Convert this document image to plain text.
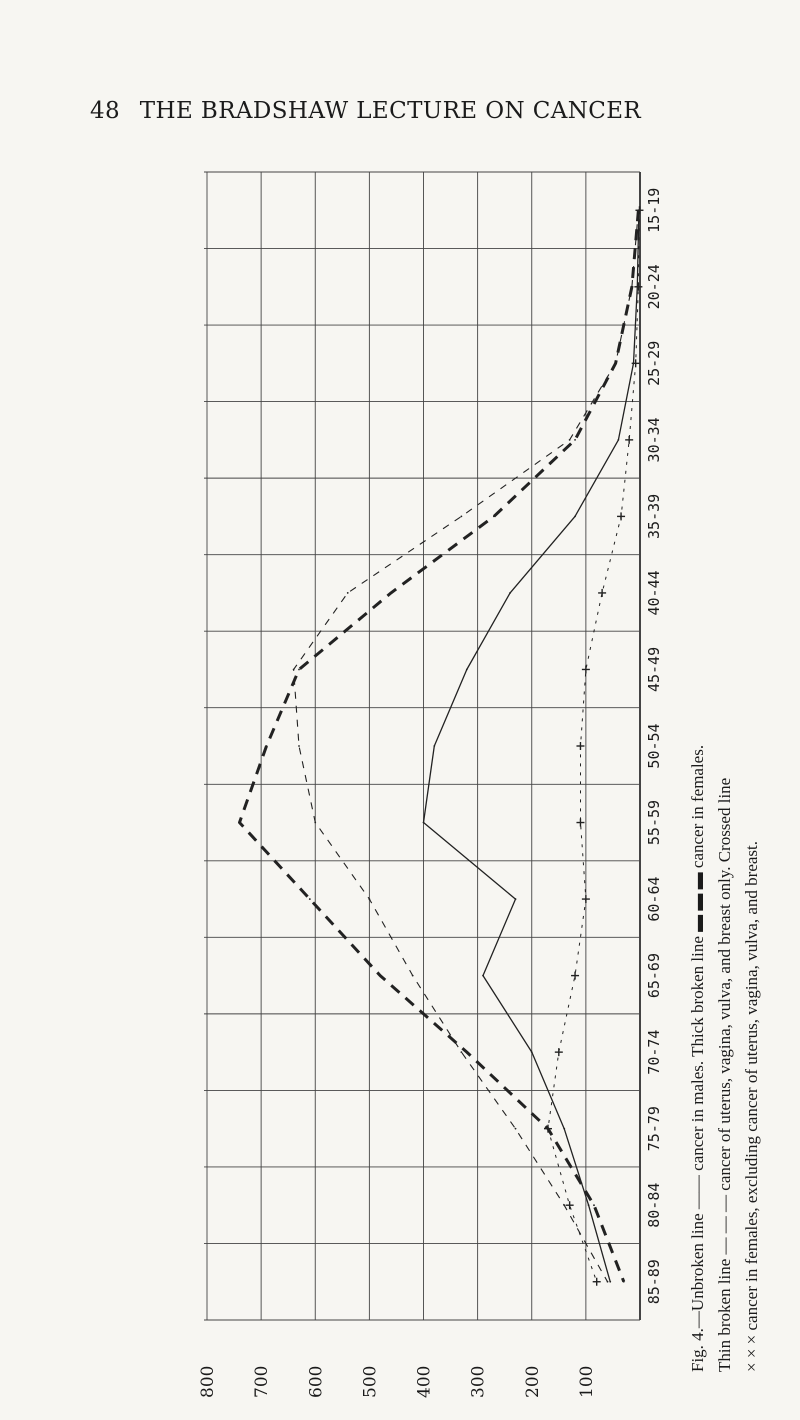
48 THE BRADSHAW LECTURE ON CANCER
100
200
300
400
500
600
700
800
15-19
20-24
25-29
30-34
35-39
40-44
45-49
50-54
55-59
60-64
65-69
70-74
75-79
80-84
85-89 Fig. 4.—Unbroken line ―― cancer in males. Thick broken line ▬ ▬ ▬ cancer in females. Thin broken line — — — cancer of uterus, vagina, vulva, and breast only. Crossed line × × × cancer in females, excluding cancer of uterus, vagina, vulva, and breast.
